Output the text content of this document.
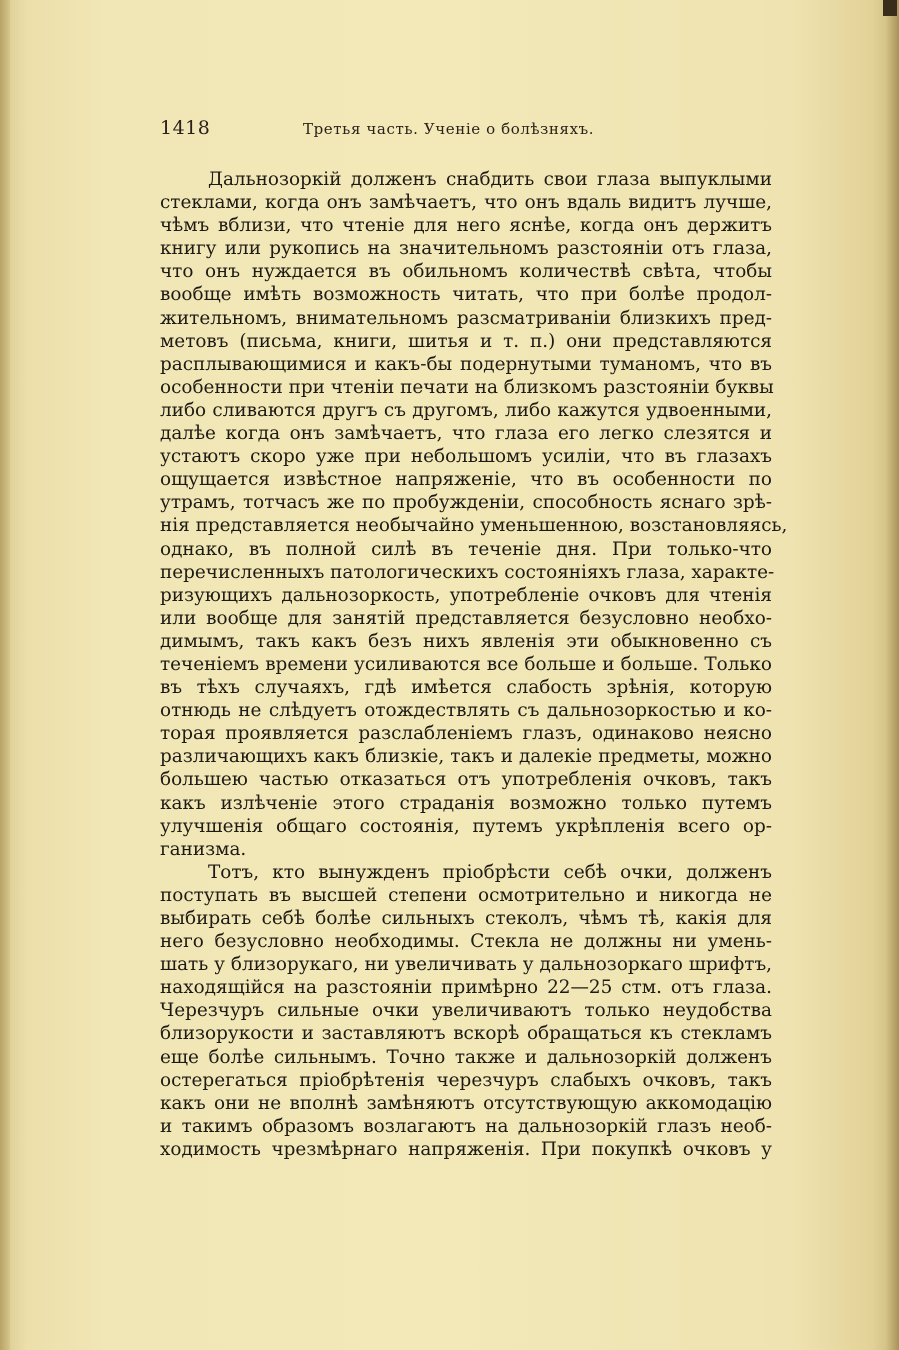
1418	Третья часть. Ученіе о болѣзняхъ.
Дальнозоркій долженъ снабдить свои глаза выпуклыми
стеклами, когда онъ замѣчаетъ, что онъ вдаль видитъ лучше,
чѣмъ вблизи, что чтеніе для него яснѣе, когда онъ держитъ
книгу или рукопись на значительномъ разстояніи отъ глаза,
что онъ нуждается въ обильномъ количествѣ свѣта, чтобы
вообще имѣть возможность читать, что при болѣе продол-
жительномъ, внимательномъ разсматриваніи близкихъ пред-
метовъ (письма, книги, шитья и т. п.) они представляются
расплывающимися и какъ-бы подернутыми туманомъ, что въ
особенности при чтеніи печати на близкомъ разстояніи буквы
либо сливаются другъ съ другомъ, либо кажутся удвоенными,
далѣе когда онъ замѣчаетъ, что глаза его легко слезятся и
устаютъ скоро уже при небольшомъ усиліи, что въ глазахъ
ощущается извѣстное напряженіе, что въ особенности по
утрамъ, тотчасъ же по пробужденіи, способность яснаго зрѣ-
нія представляется необычайно уменьшенною, возстановляясь,
однако, въ полной силѣ въ теченіе дня. При только-что
перечисленныхъ патологическихъ состояніяхъ глаза, характе-
ризующихъ дальнозоркость, употребленіе очковъ для чтенія
или вообще для занятій представляется безусловно необхо-
димымъ, такъ какъ безъ нихъ явленія эти обыкновенно съ
теченіемъ времени усиливаются все больше и больше. Только
въ тѣхъ случаяхъ, гдѣ имѣется слабость зрѣнія, которую
отнюдь не слѣдуетъ отождествлять съ дальнозоркостью и ко-
торая проявляется разслабленіемъ глазъ, одинаково неясно
различающихъ какъ близкіе, такъ и далекіе предметы, можно
большею частью отказаться отъ употребленія очковъ, такъ
какъ излѣченіе этого страданія возможно только путемъ
улучшенія общаго состоянія, путемъ укрѣпленія всего ор-
ганизма.
Тотъ, кто вынужденъ пріобрѣсти себѣ очки, долженъ
поступать въ высшей степени осмотрительно и никогда не
выбирать себѣ болѣе сильныхъ стеколъ, чѣмъ тѣ, какія для
него безусловно необходимы. Стекла не должны ни умень-
шать у близорукаго, ни увеличивать у дальнозоркаго шрифтъ,
находящійся на разстояніи примѣрно 22—25 стм. отъ глаза.
Черезчуръ сильные очки увеличиваютъ только неудобства
близорукости и заставляютъ вскорѣ обращаться къ стекламъ
еще болѣе сильнымъ. Точно также и дальнозоркій долженъ
остерегаться пріобрѣтенія черезчуръ слабыхъ очковъ, такъ
какъ они не вполнѣ замѣняютъ отсутствующую аккомодацію
и такимъ образомъ возлагаютъ на дальнозоркій глазъ необ-
ходимость чрезмѣрнаго напряженія. При покупкѣ очковъ у
